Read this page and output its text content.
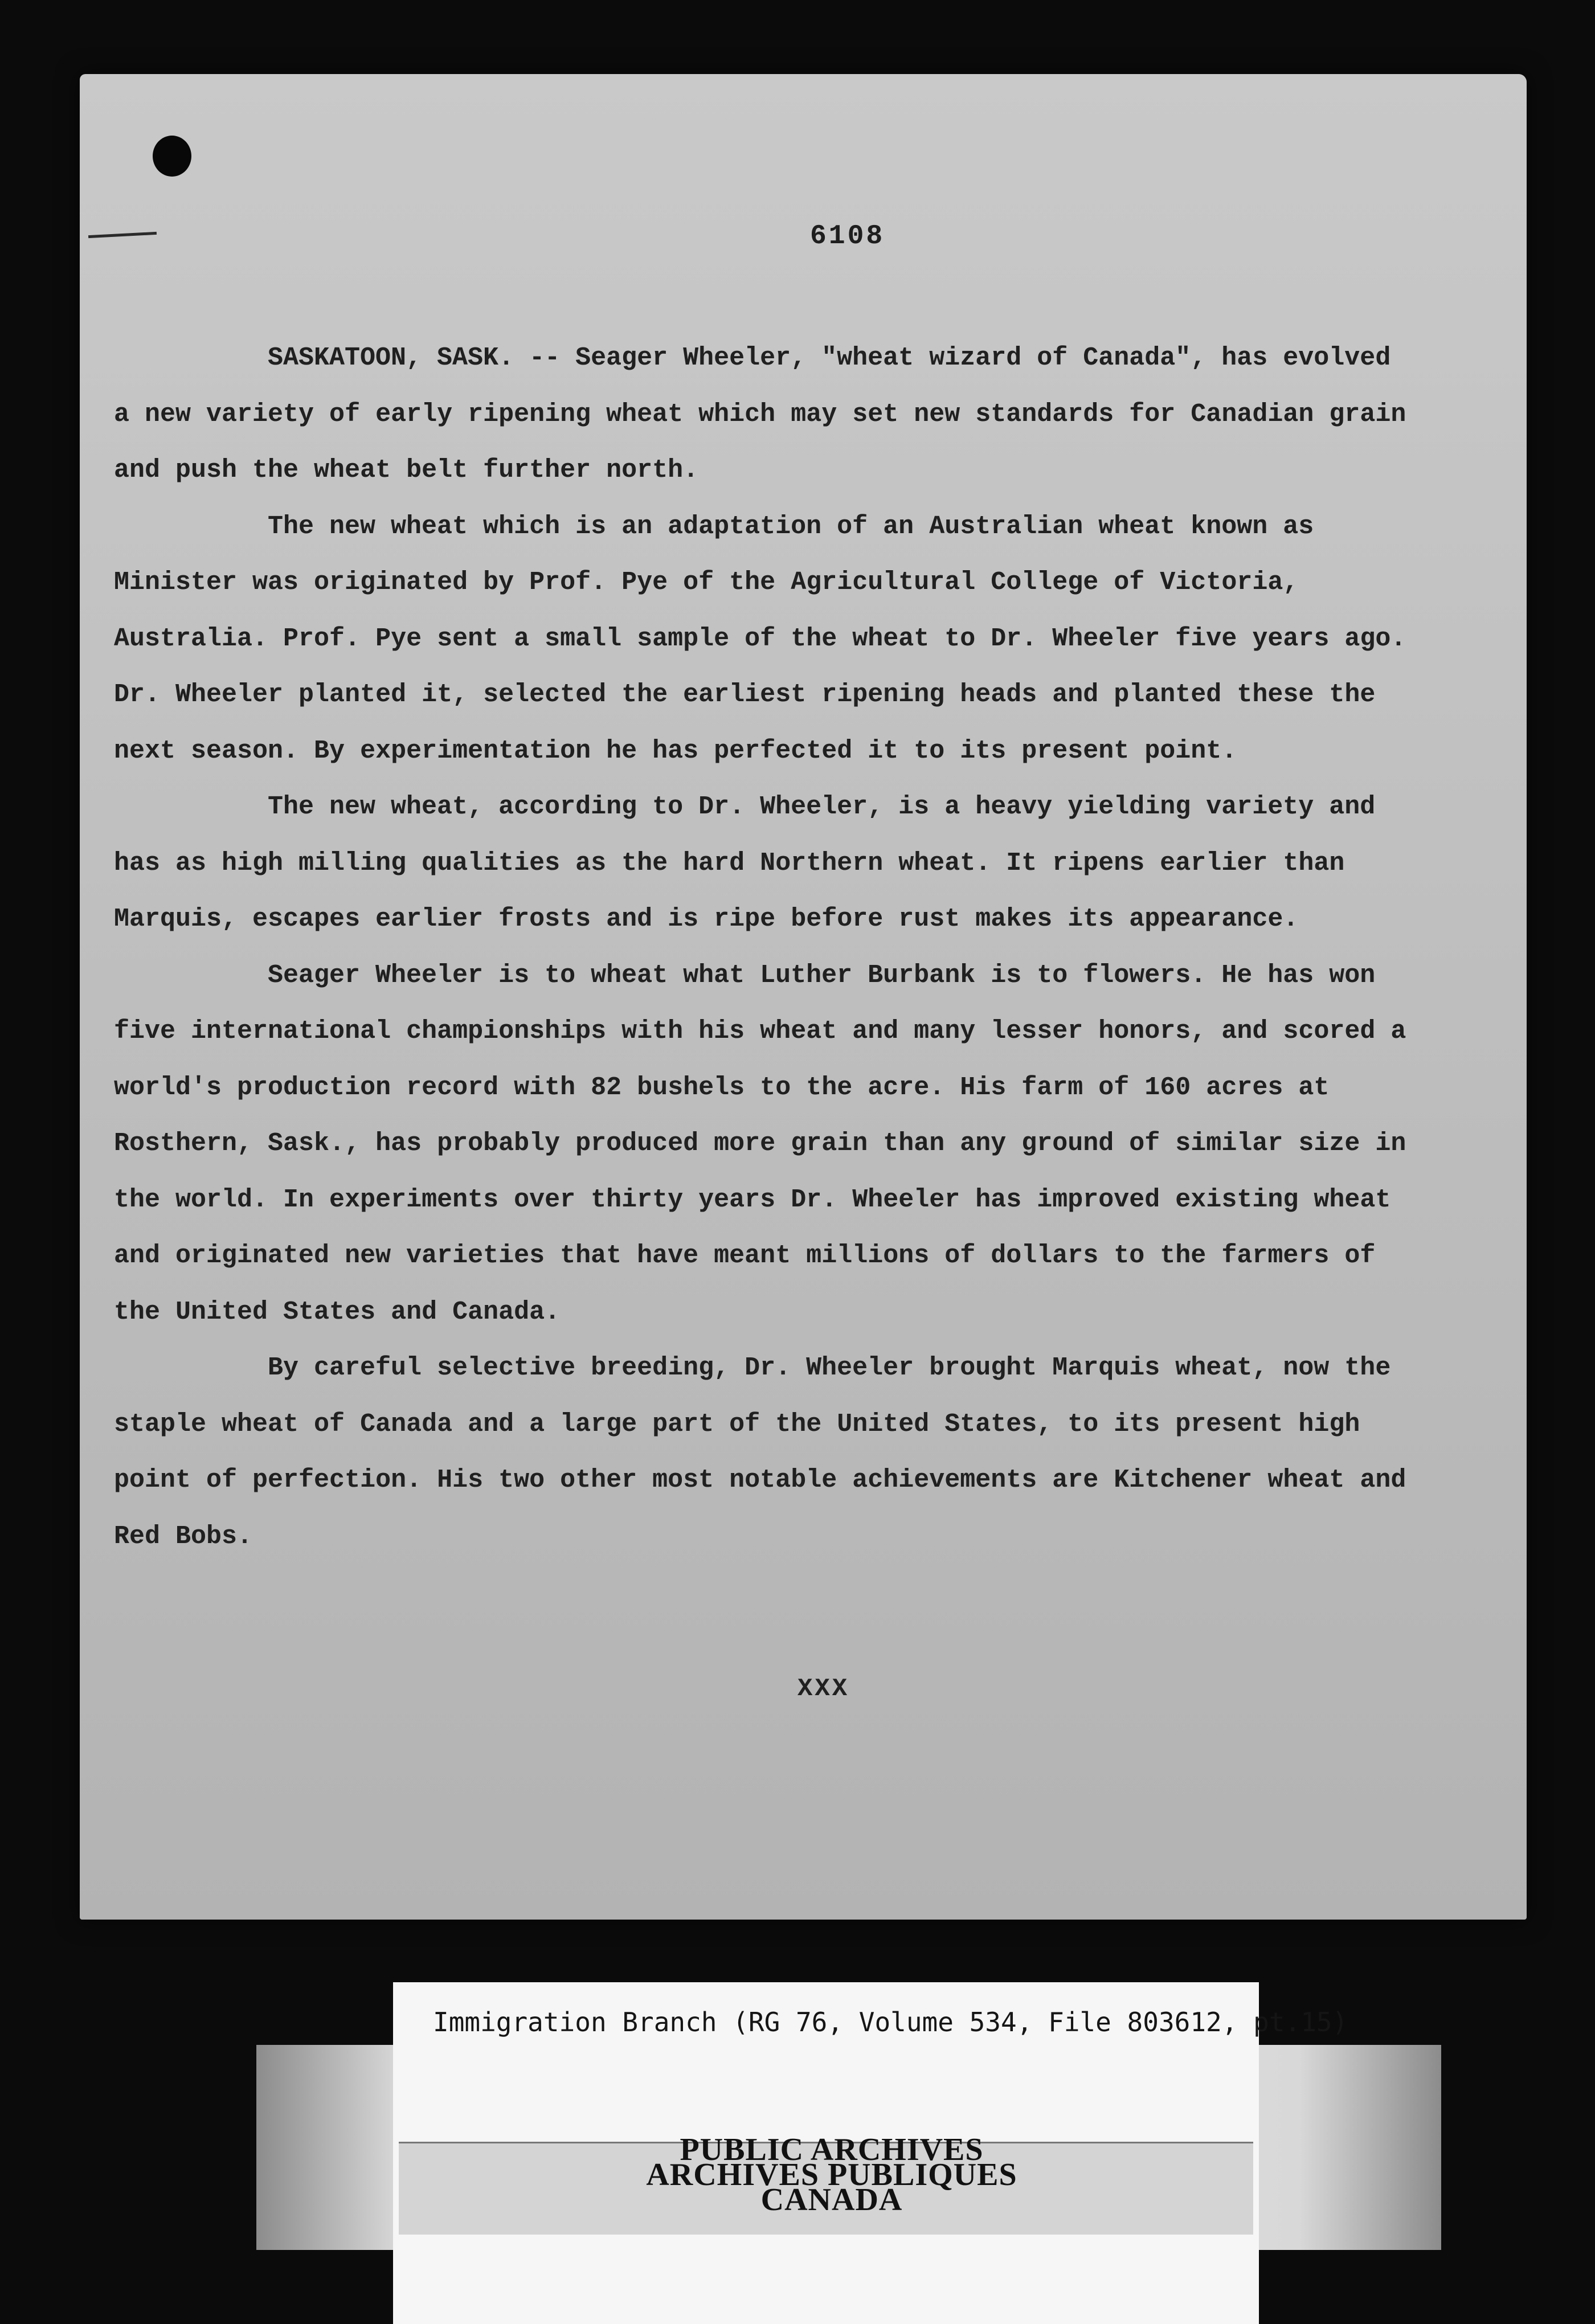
6108

SASKATOON, SASK. -- Seager Wheeler, "wheat wizard of Canada", has evolved a new variety of early ripening wheat which may set new standards for Canadian grain and push the wheat belt further north.

The new wheat which is an adaptation of an Australian wheat known as Minister was originated by Prof. Pye of the Agricultural College of Victoria, Australia. Prof. Pye sent a small sample of the wheat to Dr. Wheeler five years ago. Dr. Wheeler planted it, selected the earliest ripening heads and planted these the next season. By experimentation he has perfected it to its present point.

The new wheat, according to Dr. Wheeler, is a heavy yielding variety and has as high milling qualities as the hard Northern wheat. It ripens earlier than Marquis, escapes earlier frosts and is ripe before rust makes its appearance.

Seager Wheeler is to wheat what Luther Burbank is to flowers. He has won five international championships with his wheat and many lesser honors, and scored a world's production record with 82 bushels to the acre. His farm of 160 acres at Rosthern, Sask., has probably produced more grain than any ground of similar size in the world. In experiments over thirty years Dr. Wheeler has improved existing wheat and originated new varieties that have meant millions of dollars to the farmers of the United States and Canada.

By careful selective breeding, Dr. Wheeler brought Marquis wheat, now the staple wheat of Canada and a large part of the United States, to its present high point of perfection. His two other most notable achievements are Kitchener wheat and Red Bobs.

XXX
Immigration Branch (RG 76, Volume 534, File 803612, pt.15)
PUBLIC ARCHIVES
ARCHIVES PUBLIQUES
CANADA
